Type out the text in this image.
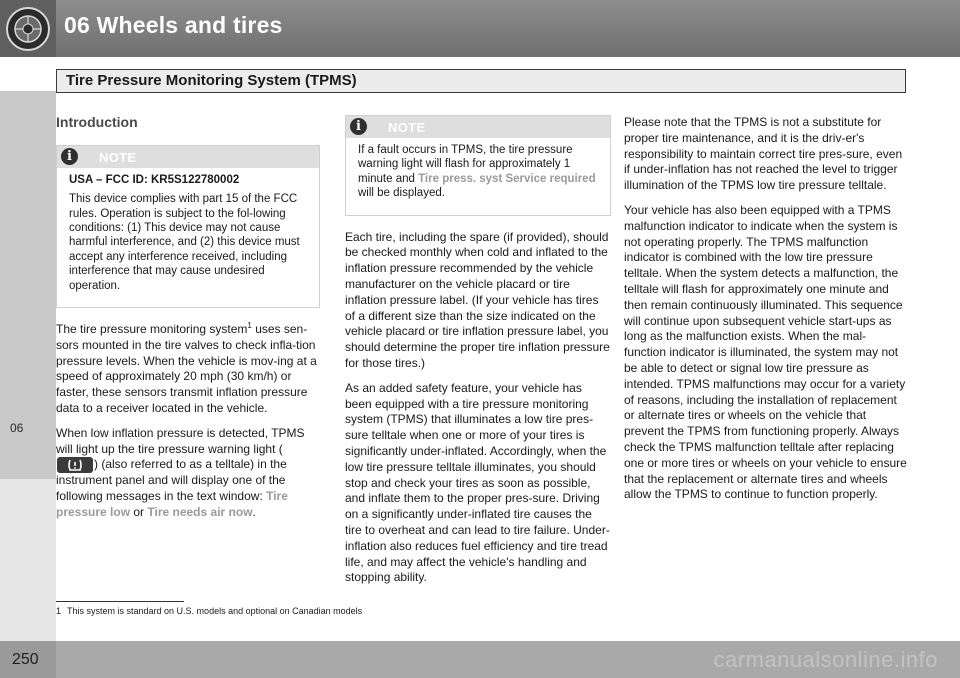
06 Wheels and tires
Tire Pressure Monitoring System (TPMS)
06

Introduction

i	NOTE

USA – FCC ID: KR5S122780002

This device complies with part 15 of the FCC rules. Operation is subject to the fol-lowing conditions: (1) This device may not cause harmful interference, and (2) this device must accept any interference received, including interference that may cause undesired operation.

The tire pressure monitoring system$^1$ uses sen-sors mounted in the tire valves to check infla-tion pressure levels. When the vehicle is mov-ing at a speed of approximately 20 mph (30 km/h) or faster, these sensors transmit inflation pressure data to a receiver located in the vehicle.

When low inflation pressure is detected, TPMS will light up the tire pressure warning light (
) (also referred to as a telltale) in the instrument panel and will display one of the following messages in the text window: Tire pressure low or Tire needs air now.

i	NOTE

If a fault occurs in TPMS, the tire pressure warning light will flash for approximately 1 minute and Tire press. syst Service required will be displayed.

Each tire, including the spare (if provided), should be checked monthly when cold and inflated to the inflation pressure recommended by the vehicle manufacturer on the vehicle placard or tire inflation pressure label. (If your vehicle has tires of a different size than the size indicated on the vehicle placard or tire inflation pressure label, you should determine the proper tire inflation pressure for those tires.)

As an added safety feature, your vehicle has been equipped with a tire pressure monitoring system (TPMS) that illuminates a low tire pres-sure telltale when one or more of your tires is significantly under-inflated. Accordingly, when the low tire pressure telltale illuminates, you should stop and check your tires as soon as possible, and inflate them to the proper pres-sure. Driving on a significantly under-inflated tire causes the tire to overheat and can lead to tire failure. Under-inflation also reduces fuel efficiency and tire tread life, and may affect the vehicle's handling and stopping ability.

Please note that the TPMS is not a substitute for proper tire maintenance, and it is the driv-er's responsibility to maintain correct tire pres-sure, even if under-inflation has not reached the level to trigger illumination of the TPMS low tire pressure telltale.

Your vehicle has also been equipped with a TPMS malfunction indicator to indicate when the system is not operating properly. The TPMS malfunction indicator is combined with the low tire pressure telltale. When the system detects a malfunction, the telltale will flash for approximately one minute and then remain continuously illuminated. This sequence will continue upon subsequent vehicle start-ups as long as the malfunction exists. When the mal-function indicator is illuminated, the system may not be able to detect or signal low tire pressure as intended. TPMS malfunctions may occur for a variety of reasons, including the installation of replacement or alternate tires or wheels on the vehicle that prevent the TPMS from functioning properly. Always check the TPMS malfunction telltale after replacing one or more tires or wheels on your vehicle to ensure that the replacement or alternate tires and wheels allow the TPMS to continue to function properly.

1 This system is standard on U.S. models and optional on Canadian models
250	carmanualsonline.info
